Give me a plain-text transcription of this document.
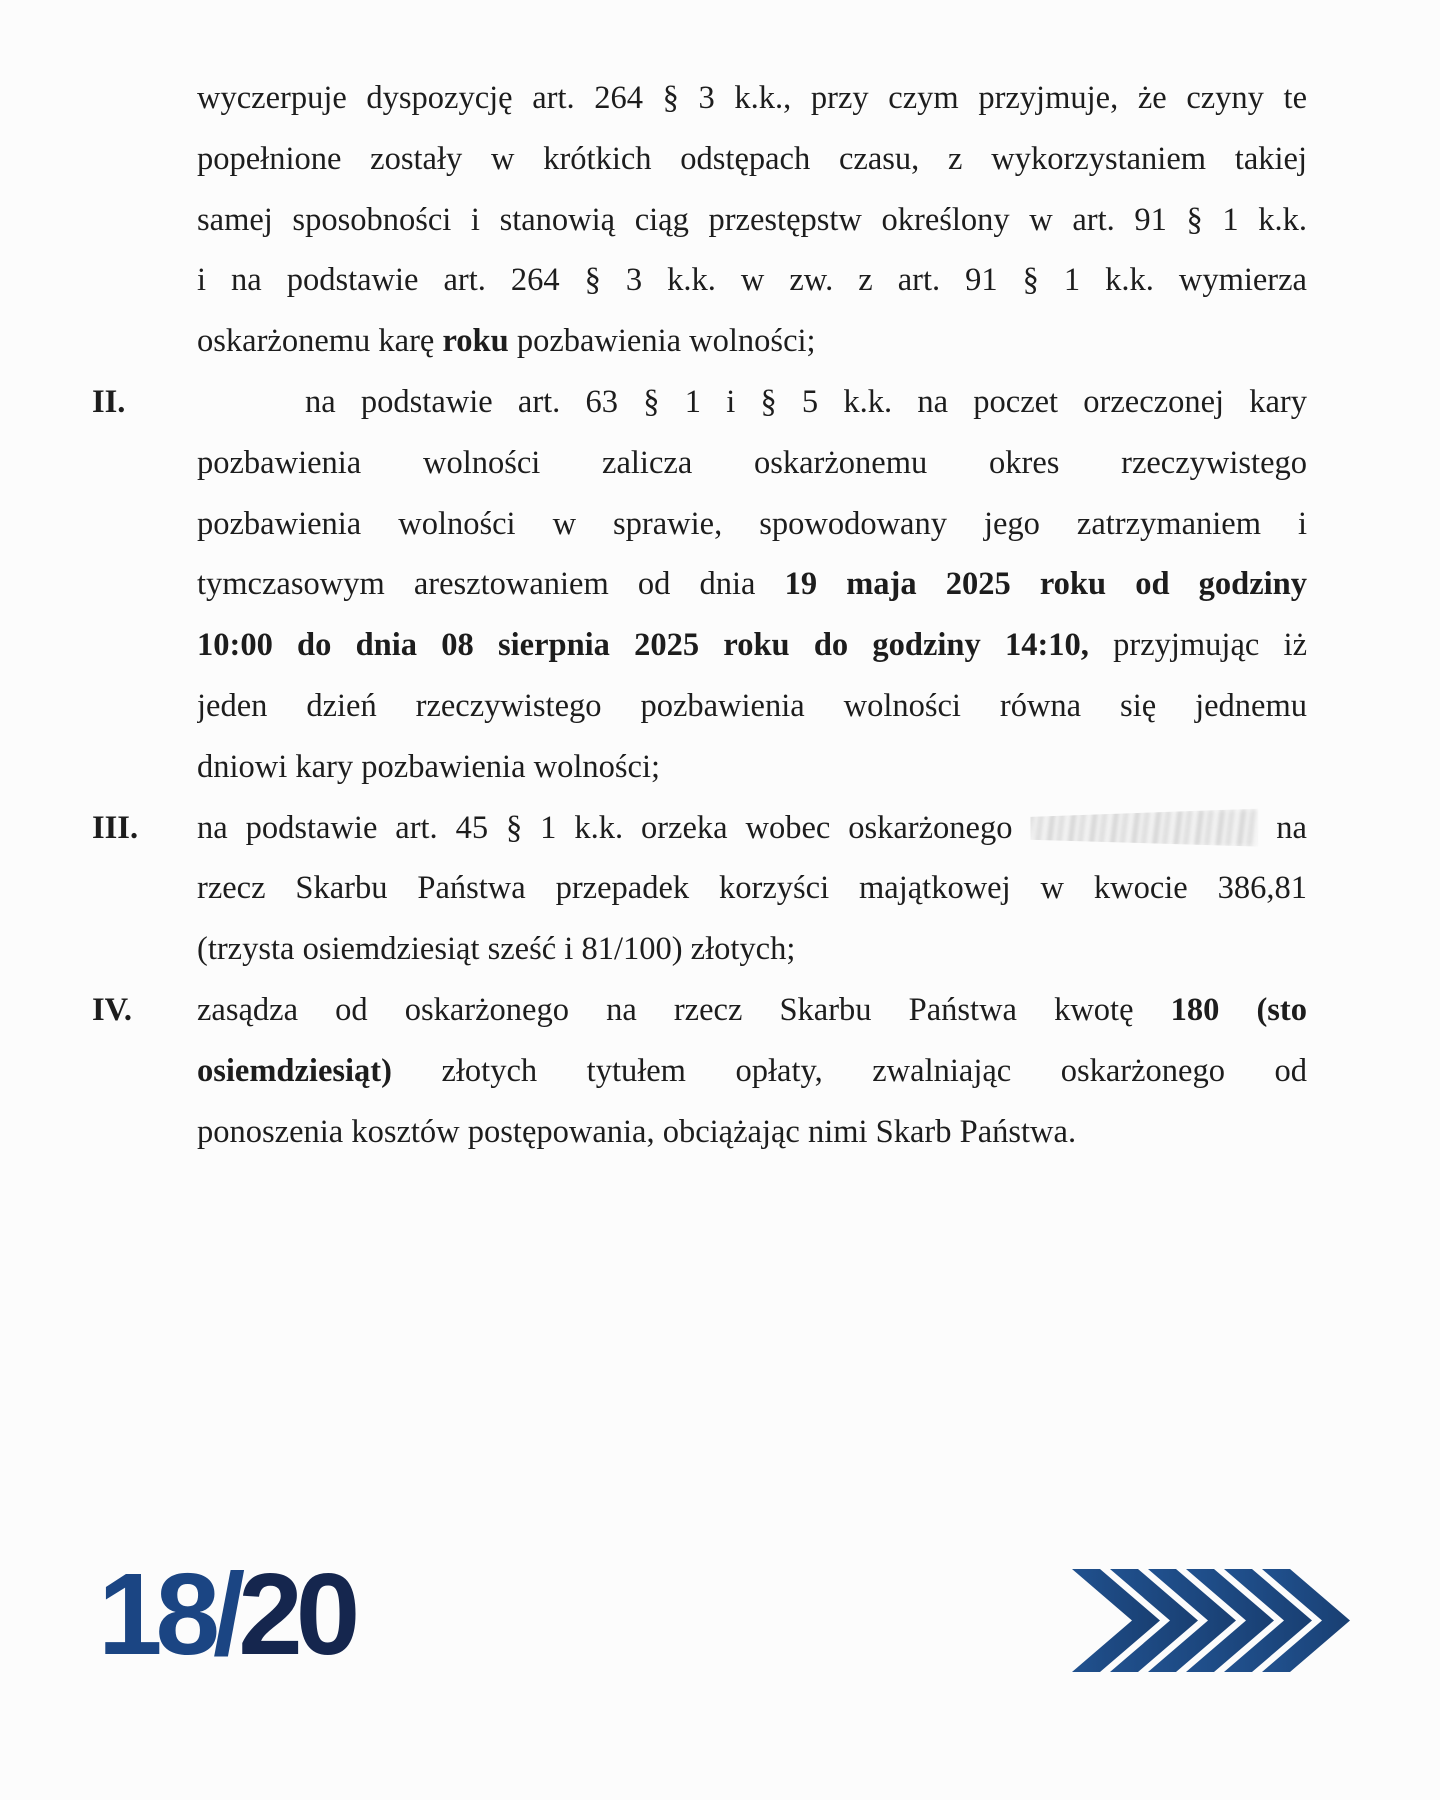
wyczerpuje dyspozycję art. 264 § 3 k.k., przy czym przyjmuje, że czyny te
popełnione zostały w krótkich odstępach czasu, z wykorzystaniem takiej
samej sposobności i stanowią ciąg przestępstw określony w art. 91 § 1 k.k.
i na podstawie art. 264 § 3 k.k. w zw. z art. 91 § 1 k.k. wymierza
oskarżonemu karę roku pozbawienia wolności;
II.	na podstawie art. 63 § 1 i § 5 k.k. na poczet orzeczonej kary
pozbawienia wolności zalicza oskarżonemu okres rzeczywistego
pozbawienia wolności w sprawie, spowodowany jego zatrzymaniem i
tymczasowym aresztowaniem od dnia 19 maja 2025 roku od godziny
10:00 do dnia 08 sierpnia 2025 roku do godziny 14:10, przyjmując iż
jeden dzień rzeczywistego pozbawienia wolności równa się jednemu
dniowi kary pozbawienia wolności;
III.	na podstawie art. 45 § 1 k.k. orzeka wobec oskarżonego	na
rzecz Skarbu Państwa przepadek korzyści majątkowej w kwocie 386,81
(trzysta osiemdziesiąt sześć i 81/100) złotych;
IV.	zasądza od oskarżonego na rzecz Skarbu Państwa kwotę 180 (sto
osiemdziesiąt) złotych tytułem opłaty, zwalniając oskarżonego od
ponoszenia kosztów postępowania, obciążając nimi Skarb Państwa.
18/20
